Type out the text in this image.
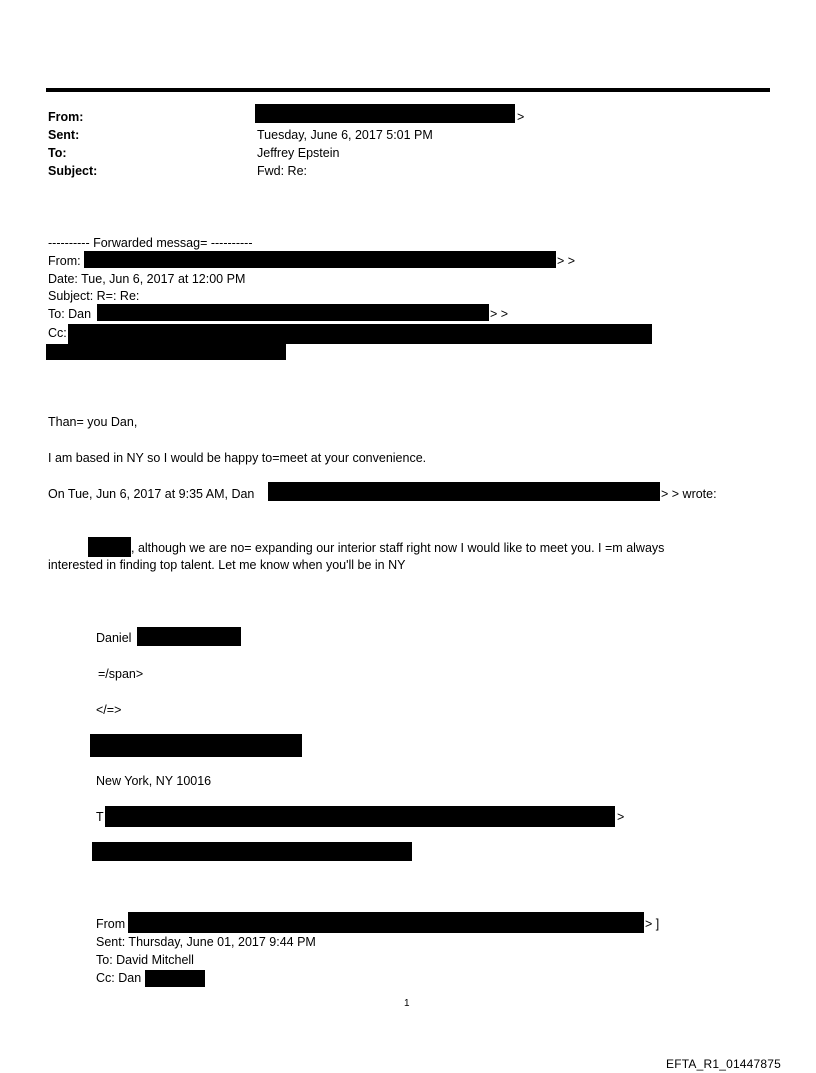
From:	>
Sent:	Tuesday, June 6, 2017 5:01 PM
To:	Jeffrey Epstein
Subject:	Fwd: Re:
---------- Forwarded messag= ----------
From:	> >
Date: Tue, Jun 6, 2017 at 12:00 PM
Subject: R=: Re:
To: Dan	> >
Cc:
Than= you Dan,
I am based in NY so I would be happy to=meet at your convenience.
On Tue, Jun 6, 2017 at 9:35 AM, Dan	> > wrote:
, although we are no= expanding our interior staff right now I would like to meet you. I =m always
interested in finding top talent. Let me know when you'll be in NY
Daniel
=/span>
</=>
New York, NY 10016
T	>
From	> ]
Sent: Thursday, June 01, 2017 9:44 PM
To: David Mitchell
Cc: Dan
1
EFTA_R1_01447875
